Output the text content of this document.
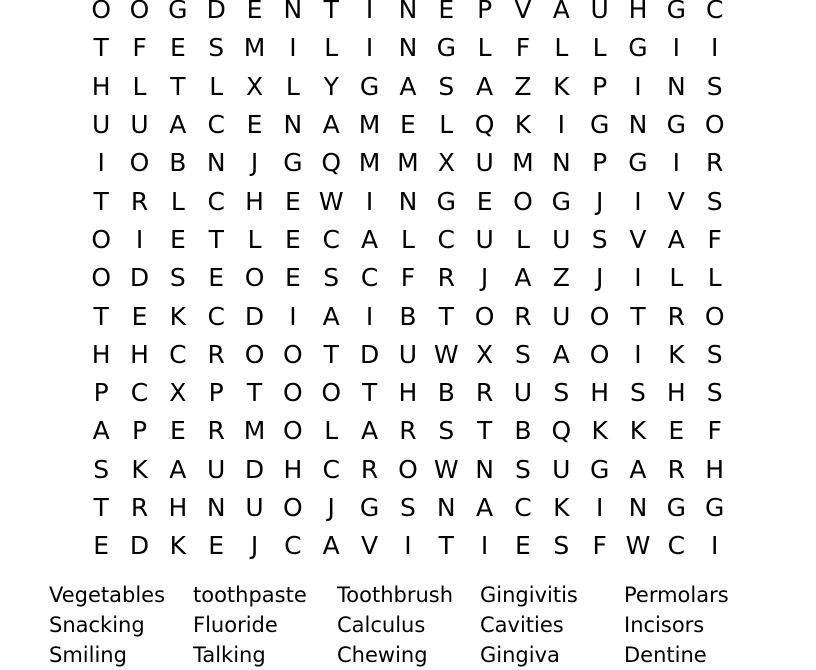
O O G D E N T	I	N E P V A U H G C
T F E S M I	L	I	N G L F L L G I	I
H L T L X L Y G A S A Z K P	I	N S
U U A C E N A M E L Q K	I G N G O
I O B N	J G Q M M X U M N P G I	R
T R L C H E W I	N G E O G J	I	V S
O I	E T L E C A L C U L U S V A F
O D S E O E S C F R	J	A Z	J	I	L L
T E K C D	I	A	I	B T O R U O T R O
H H C R O O T D U W X S A O I	K S
P C X P T O O T H B R U S H S H S
A P E R M O L A R S T B Q K K E F
S K A U D H C R O W N S U G A R H
T R H N U O J G S N A C K	I	N G G
E D K E	J	C A V	I	T	I	E S F W C	I
Vegetables	toothpaste	Toothbrush	Gingivitis	Permolars
Snacking	Fluoride	Calculus	Cavities	Incisors
Smiling	Talking	Chewing	Gingiva	Dentine
